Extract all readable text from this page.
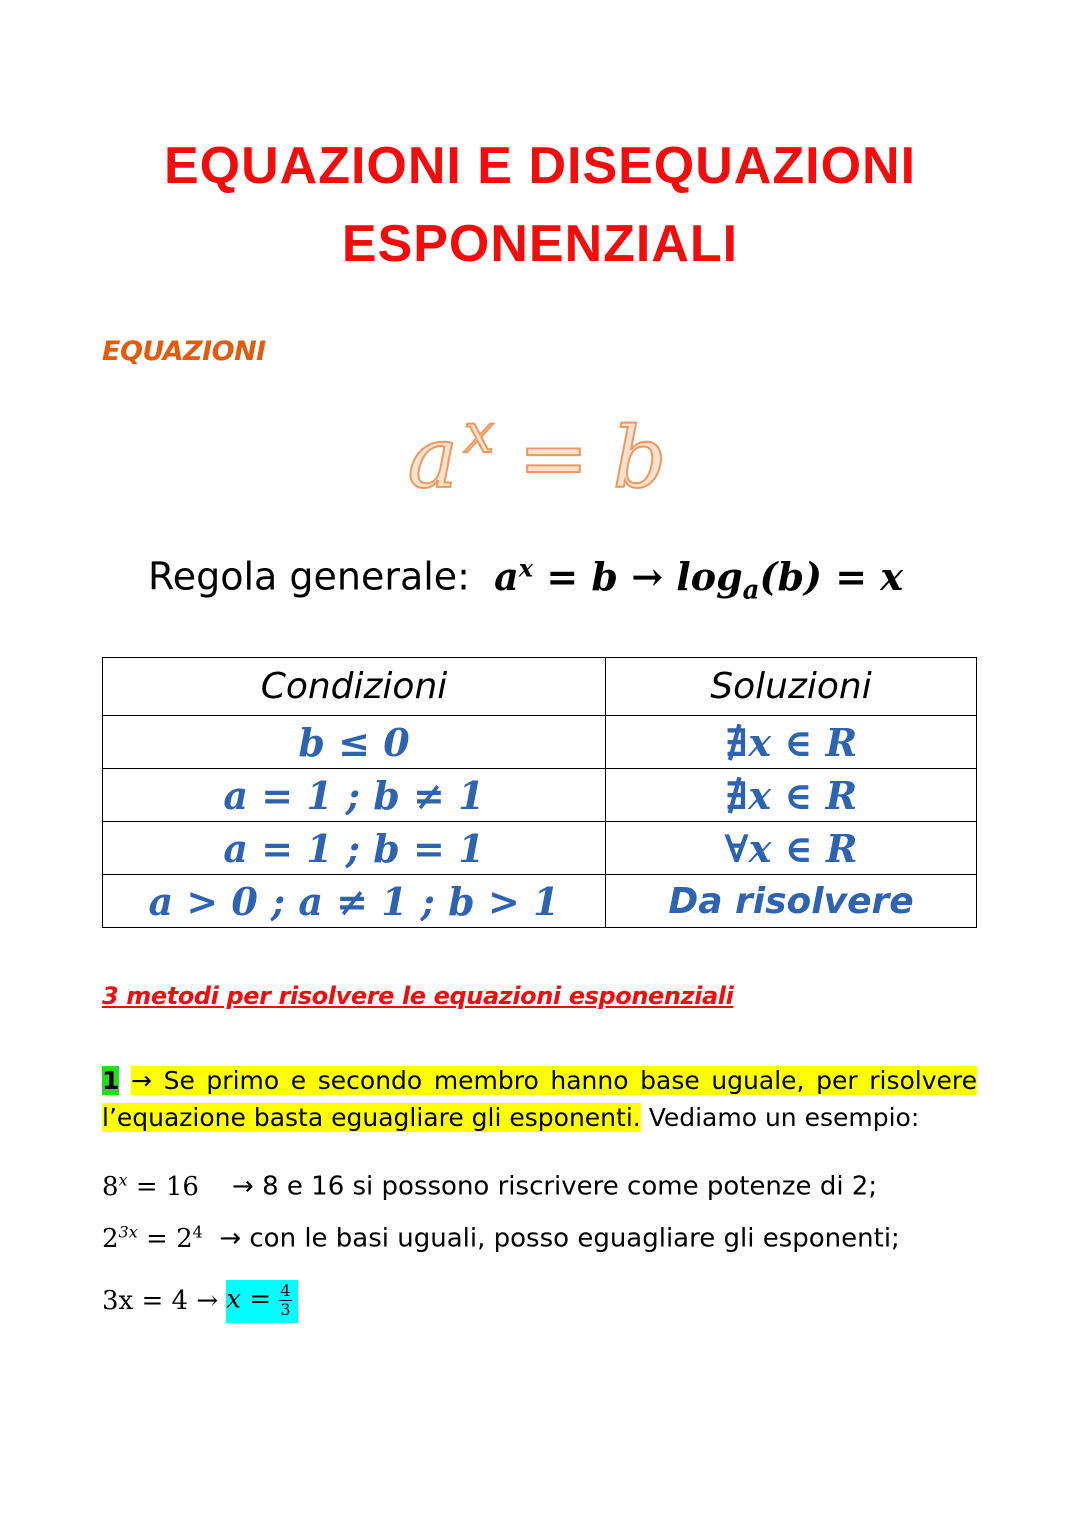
EQUAZIONI E DISEQUAZIONI
ESPONENZIALI
EQUAZIONI
$a^x = b$
Regola generale: $a^x = b \to \log_a(b) = x$
Condizioni	Soluzioni
b ≤ 0	∄x ∈ R
a = 1 ; b ≠ 1	∄x ∈ R
a = 1 ; b = 1	∀x ∈ R
a > 0 ; a ≠ 1 ; b > 1	Da risolvere
3 metodi per risolvere le equazioni esponenziali
1 → Se primo e secondo membro hanno base uguale, per risolvere l’equazione basta eguagliare gli esponenti. Vediamo un esempio:
$8^x = 16 \to 8$ e 16 si possono riscrivere come potenze di 2;
$2^{3x} = 2^4$ → con le basi uguali, posso eguagliare gli esponenti;
$3x = 4 \to x = \frac{4}{3}$
